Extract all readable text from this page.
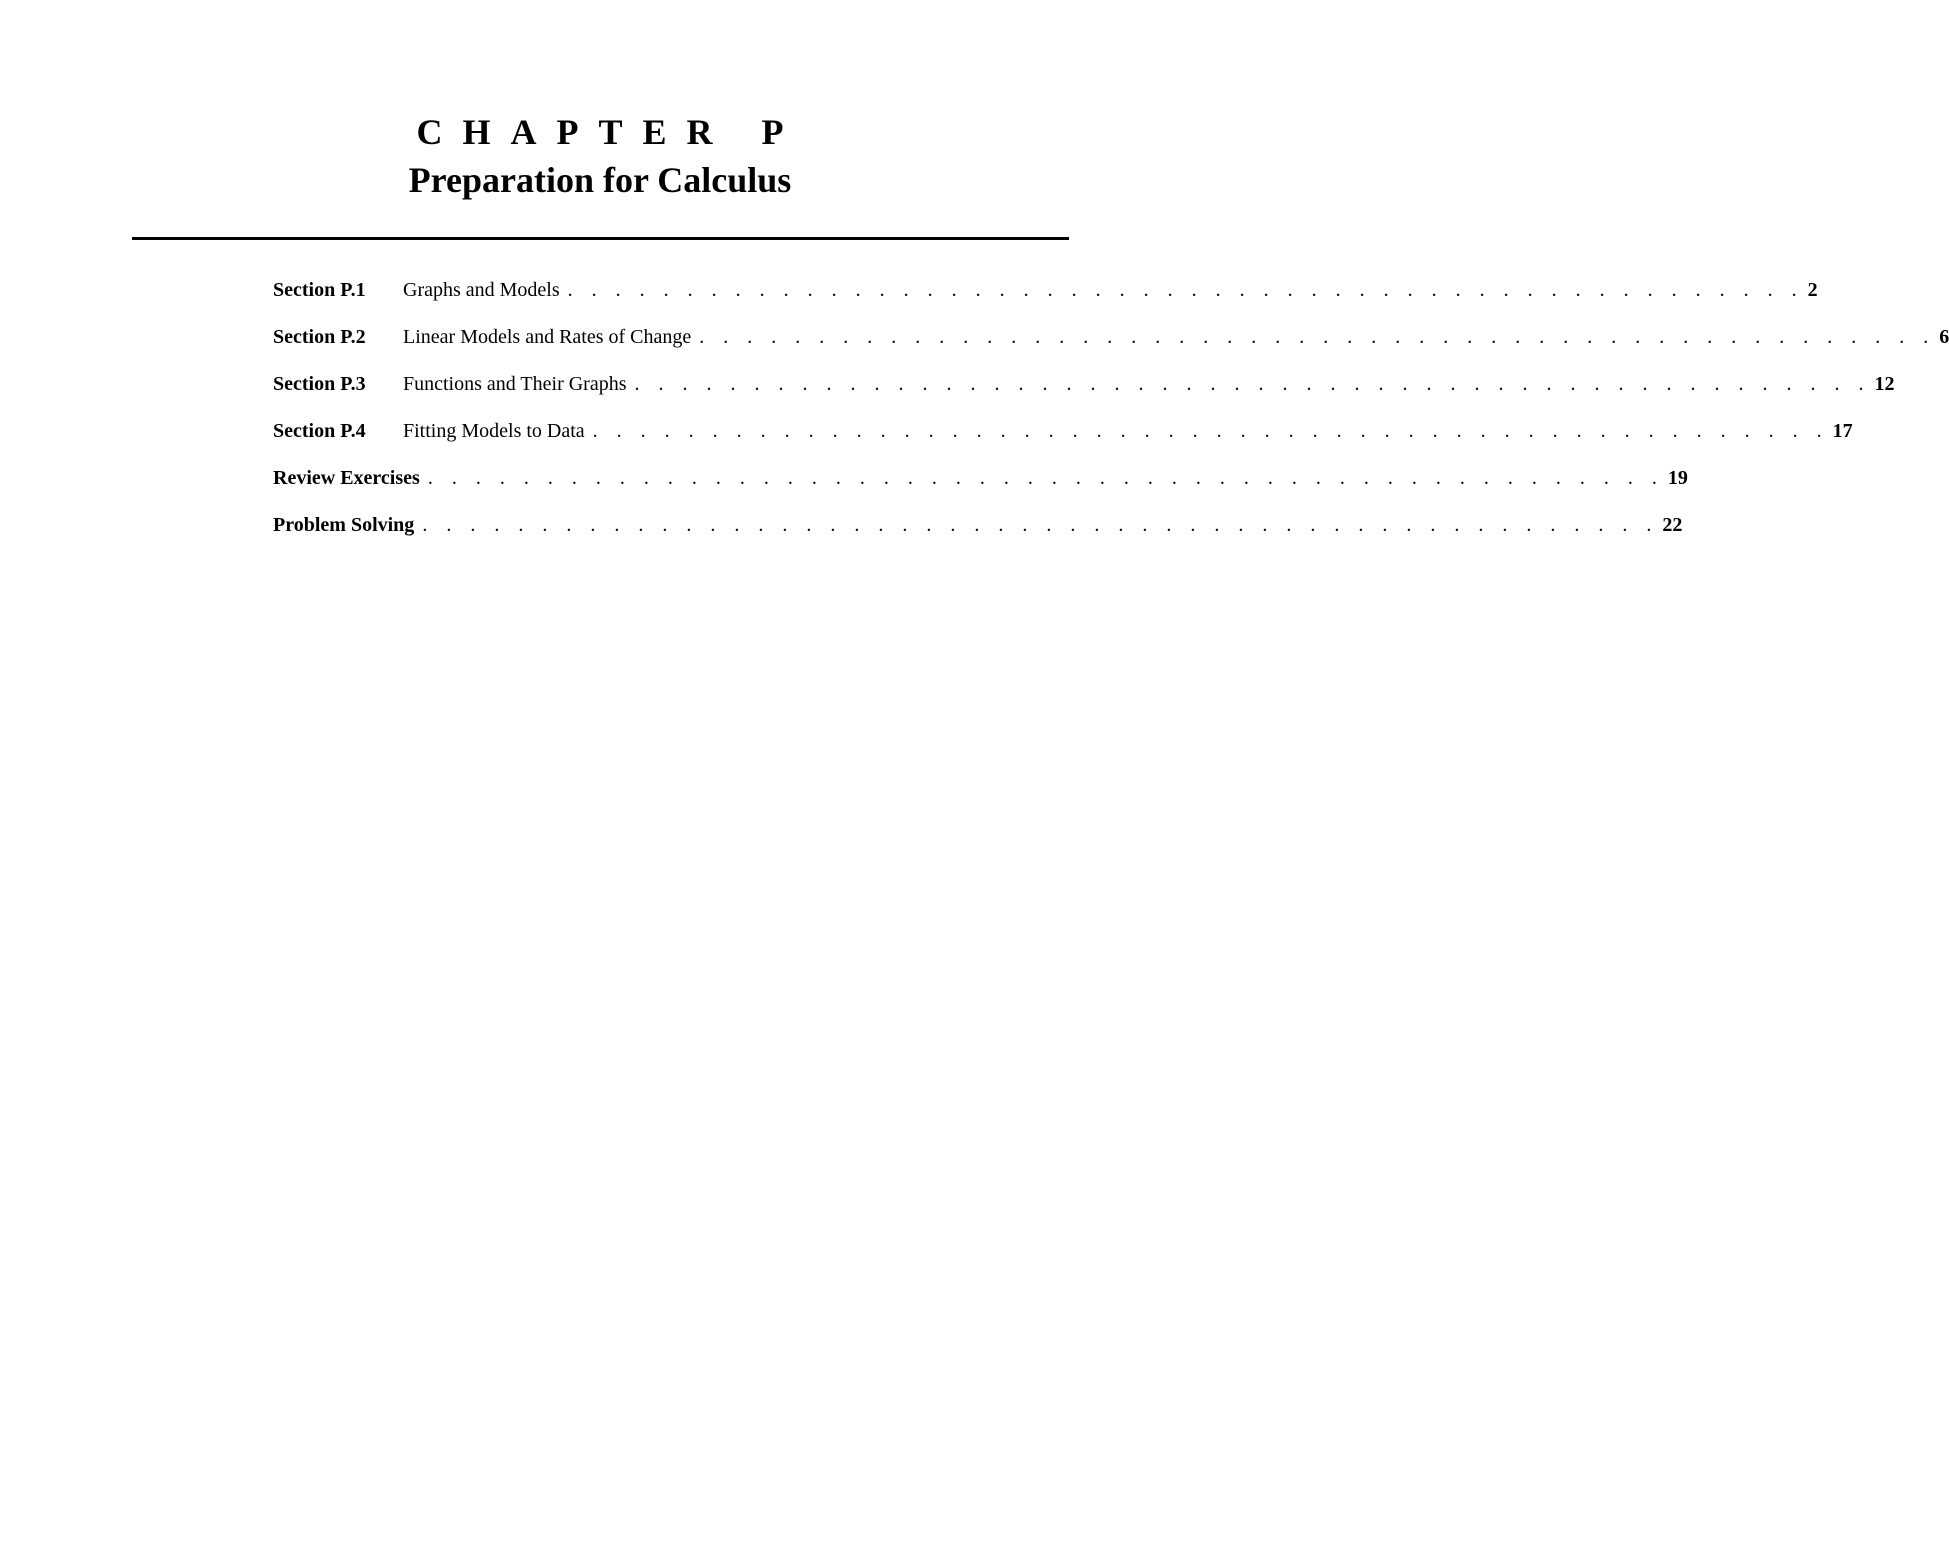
CHAPTER P
Preparation for Calculus
Section P.1	Graphs and Models . . . . . . . . . . . . . . . . . . . . . . . . . . . . . . . . . . . . . . . . . . . . . . . . . . . . 2
Section P.2	Linear Models and Rates of Change . . . . . . . . . . . . . . . . . . . . . . . . . . . . . . . . . . . . . . . . . . . . . . . . . . . . 6
Section P.3	Functions and Their Graphs . . . . . . . . . . . . . . . . . . . . . . . . . . . . . . . . . . . . . . . . . . . . . . . . . . . . 12
Section P.4	Fitting Models to Data . . . . . . . . . . . . . . . . . . . . . . . . . . . . . . . . . . . . . . . . . . . . . . . . . . . . 17
Review Exercises . . . . . . . . . . . . . . . . . . . . . . . . . . . . . . . . . . . . . . . . . . . . . . . . . . . . 19
Problem Solving . . . . . . . . . . . . . . . . . . . . . . . . . . . . . . . . . . . . . . . . . . . . . . . . . . . . 22
